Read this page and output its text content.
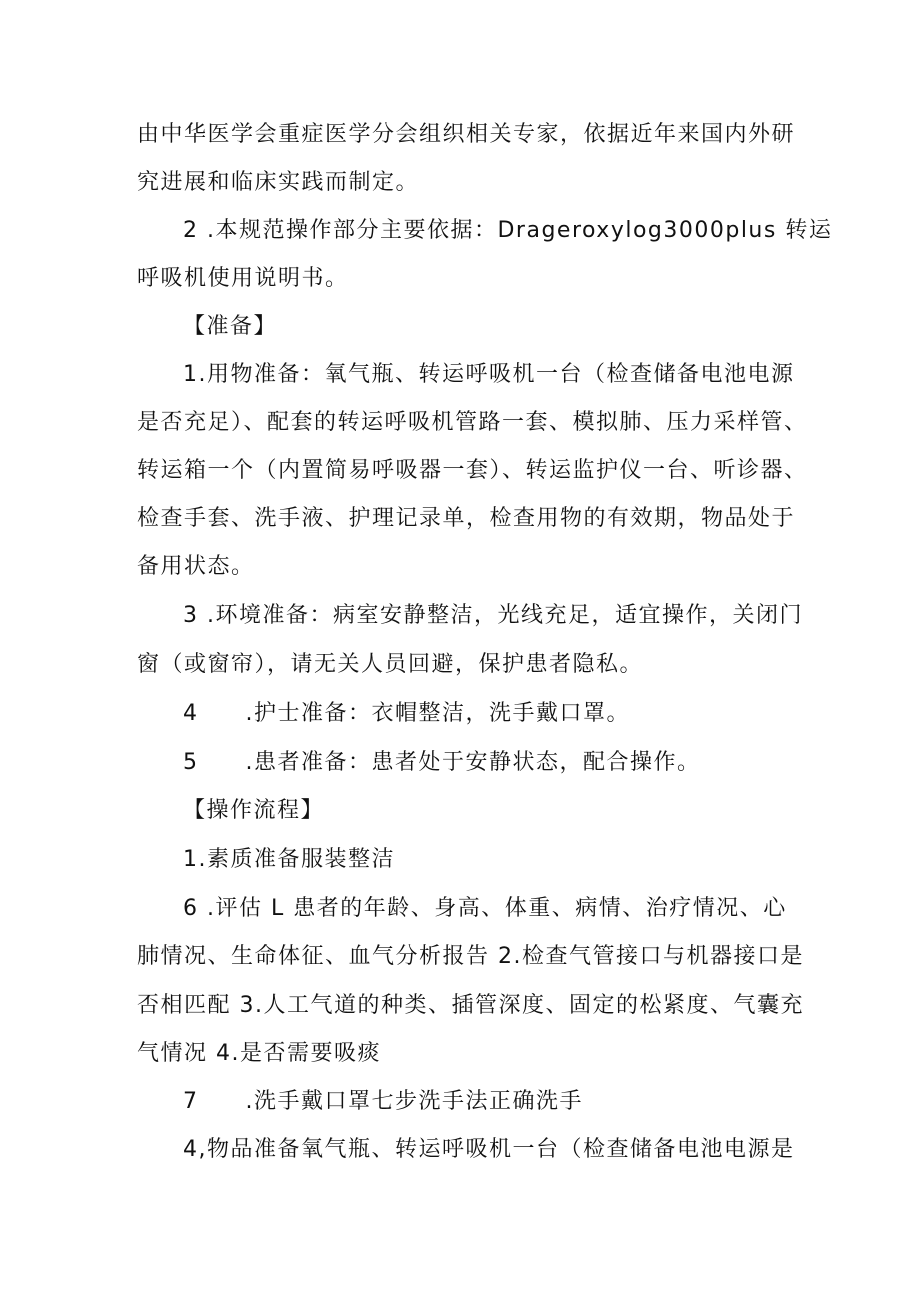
由中华医学会重症医学分会组织相关专家，依据近年来国内外研
究进展和临床实践而制定。
2 .本规范操作部分主要依据：Drageroxylog3000plus 转运
呼吸机使用说明书。
【准备】
1.用物准备：氧气瓶、转运呼吸机一台（检查储备电池电源
是否充足）、配套的转运呼吸机管路一套、模拟肺、压力采样管、
转运箱一个（内置简易呼吸器一套）、转运监护仪一台、听诊器、
检查手套、洗手液、护理记录单，检查用物的有效期，物品处于
备用状态。
3 .环境准备：病室安静整洁，光线充足，适宜操作，关闭门
窗（或窗帘），请无关人员回避，保护患者隐私。
4　　.护士准备：衣帽整洁，洗手戴口罩。
5　　.患者准备：患者处于安静状态，配合操作。
【操作流程】
1.素质准备服装整洁
6 .评估 L 患者的年龄、身高、体重、病情、治疗情况、心
肺情况、生命体征、血气分析报告 2.检查气管接口与机器接口是
否相匹配 3.人工气道的种类、插管深度、固定的松紧度、气囊充
气情况 4.是否需要吸痰
7　　.洗手戴口罩七步洗手法正确洗手
4,物品准备氧气瓶、转运呼吸机一台（检查储备电池电源是
